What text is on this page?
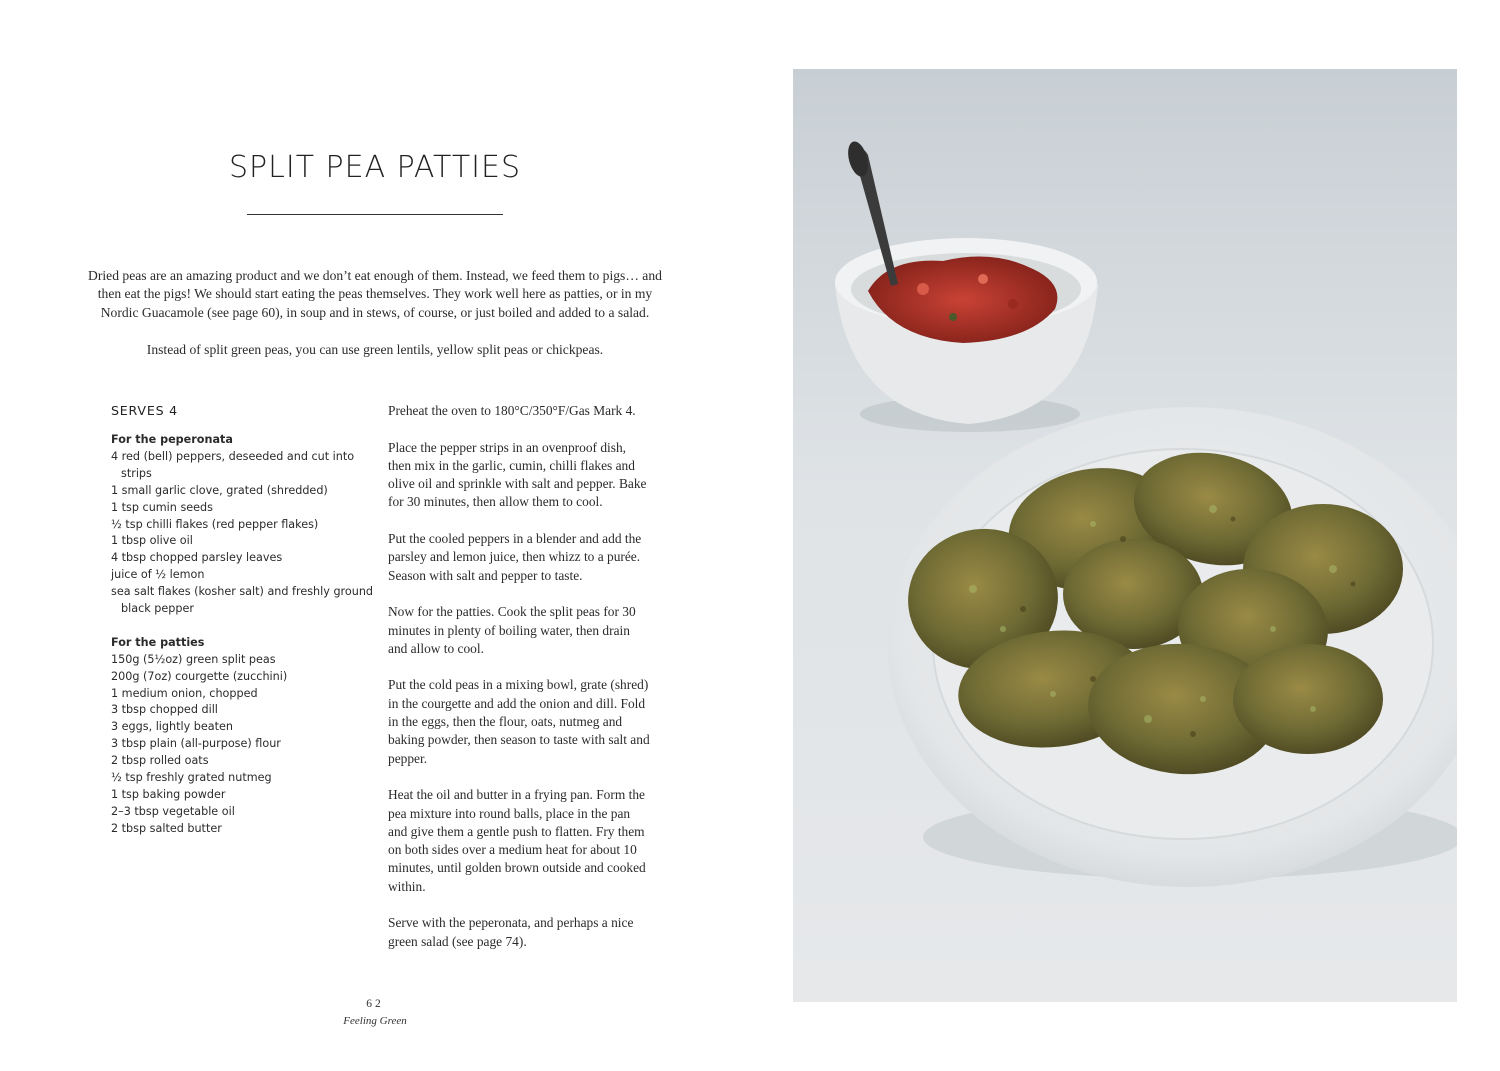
SPLIT PEA PATTIES

Dried peas are an amazing product and we don’t eat enough of them. Instead, we feed them to pigs… and then eat the pigs! We should start eating the peas themselves. They work well here as patties, or in my Nordic Guacamole (see page 60), in soup and in stews, of course, or just boiled and added to a salad.

Instead of split green peas, you can use green lentils, yellow split peas or chickpeas.

SERVES 4
For the peperonata
4 red (bell) peppers, deseeded and cut into strips
1 small garlic clove, grated (shredded)
1 tsp cumin seeds
½ tsp chilli flakes (red pepper flakes)
1 tbsp olive oil
4 tbsp chopped parsley leaves
juice of ½ lemon
sea salt flakes (kosher salt) and freshly ground black pepper
For the patties
150g (5½oz) green split peas
200g (7oz) courgette (zucchini)
1 medium onion, chopped
3 tbsp chopped dill
3 eggs, lightly beaten
3 tbsp plain (all-purpose) flour
2 tbsp rolled oats
½ tsp freshly grated nutmeg
1 tsp baking powder
2–3 tbsp vegetable oil
2 tbsp salted butter

Preheat the oven to 180°C/350°F/Gas Mark 4.

Place the pepper strips in an ovenproof dish, then mix in the garlic, cumin, chilli flakes and olive oil and sprinkle with salt and pepper. Bake for 30 minutes, then allow them to cool.

Put the cooled peppers in a blender and add the parsley and lemon juice, then whizz to a purée. Season with salt and pepper to taste.

Now for the patties. Cook the split peas for 30 minutes in plenty of boiling water, then drain and allow to cool.

Put the cold peas in a mixing bowl, grate (shred) in the courgette and add the onion and dill. Fold in the eggs, then the flour, oats, nutmeg and baking powder, then season to taste with salt and pepper.

Heat the oil and butter in a frying pan. Form the pea mixture into round balls, place in the pan and give them a gentle push to flatten. Fry them on both sides over a medium heat for about 10 minutes, until golden brown outside and cooked within.

Serve with the peperonata, and perhaps a nice green salad (see page 74).

62
Feeling Green
